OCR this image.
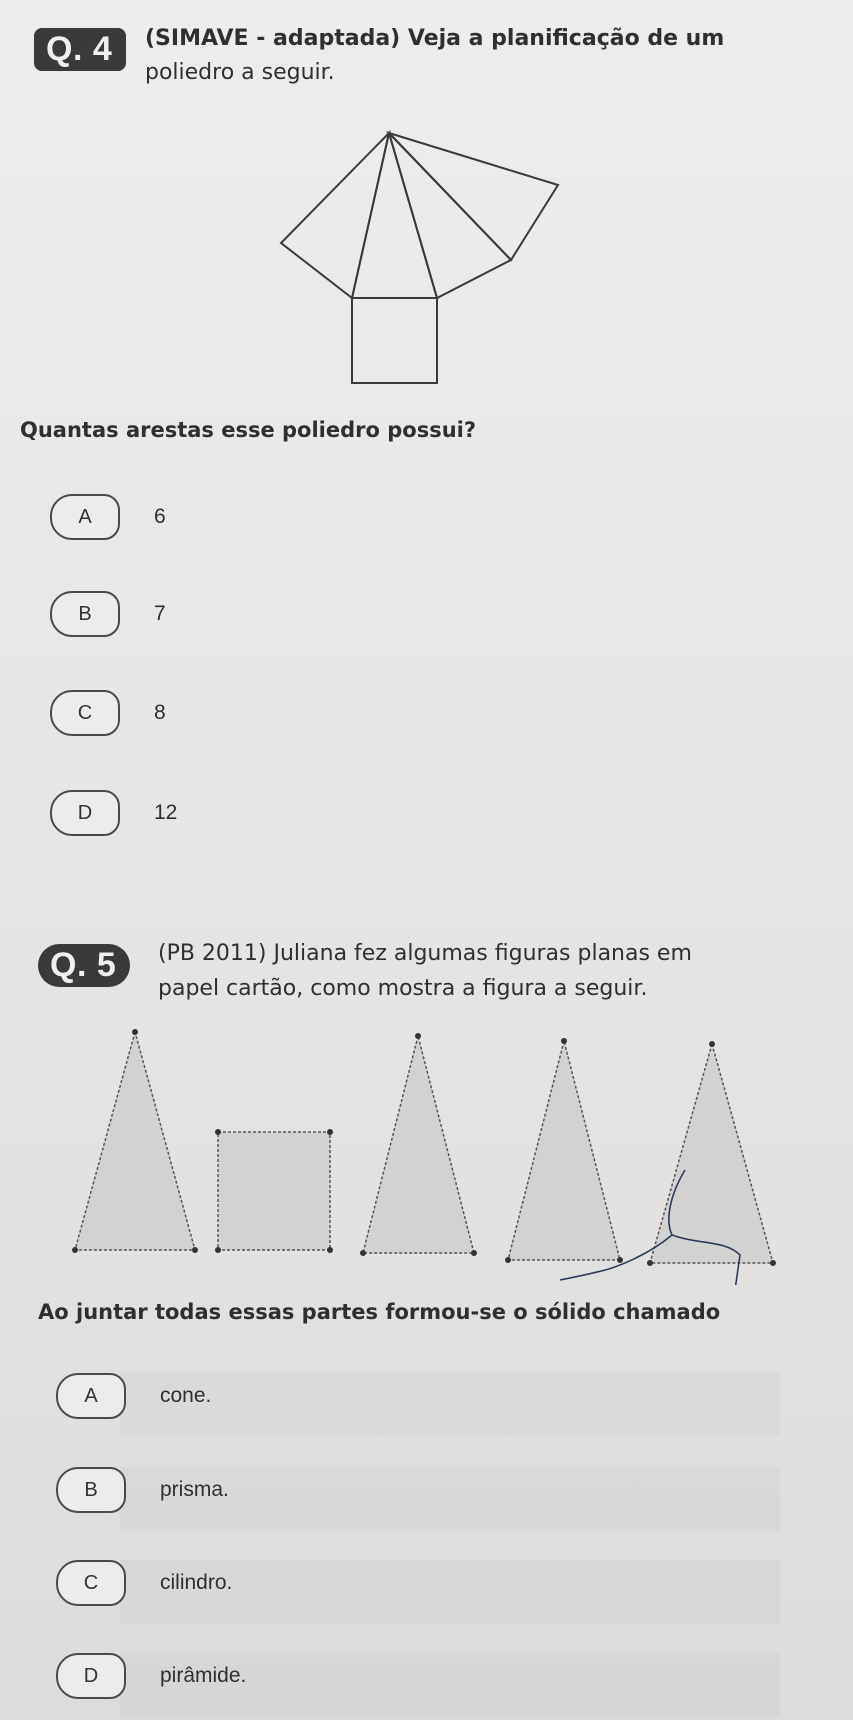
Q. 4	(SIMAVE - adaptada) Veja a planificação de um
poliedro a seguir.
Quantas arestas esse poliedro possui?
A	6
B	7
C	8
D	12
Q. 5	(PB 2011) Juliana fez algumas figuras planas em
papel cartão, como mostra a figura a seguir.
Ao juntar todas essas partes formou-se o sólido chamado
A	cone.
B	prisma.
C	cilindro.
D	pirâmide.
